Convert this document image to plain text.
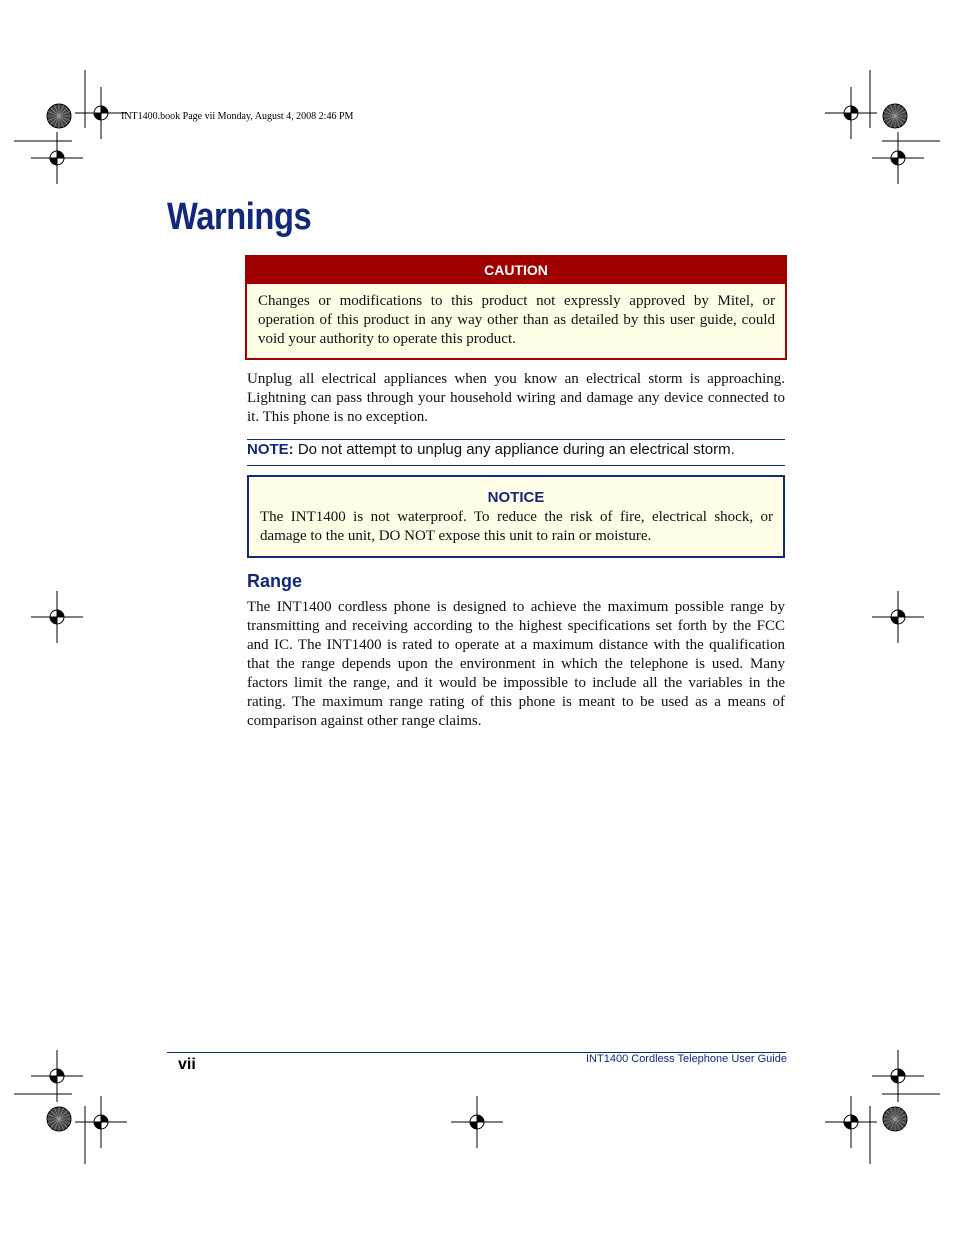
INT1400.book Page vii Monday, August 4, 2008 2:46 PM
Warnings
CAUTION
Changes or modifications to this product not expressly approved by Mitel, or operation of this product in any way other than as detailed by this user guide, could void your authority to operate this product.
Unplug all electrical appliances when you know an electrical storm is approaching. Lightning can pass through your household wiring and damage any device connected to it. This phone is no exception.
NOTE: Do not attempt to unplug any appliance during an electrical storm.
NOTICE
The INT1400 is not waterproof. To reduce the risk of fire, electrical shock, or damage to the unit, DO NOT expose this unit to rain or moisture.
Range
The INT1400 cordless phone is designed to achieve the maximum possible range by transmitting and receiving according to the highest specifications set forth by the FCC and IC. The INT1400 is rated to operate at a maximum distance with the qualification that the range depends upon the environment in which the telephone is used. Many factors limit the range, and it would be impossible to include all the variables in the rating. The maximum range rating of this phone is meant to be used as a means of comparison against other range claims.
vii	INT1400 Cordless Telephone User Guide
